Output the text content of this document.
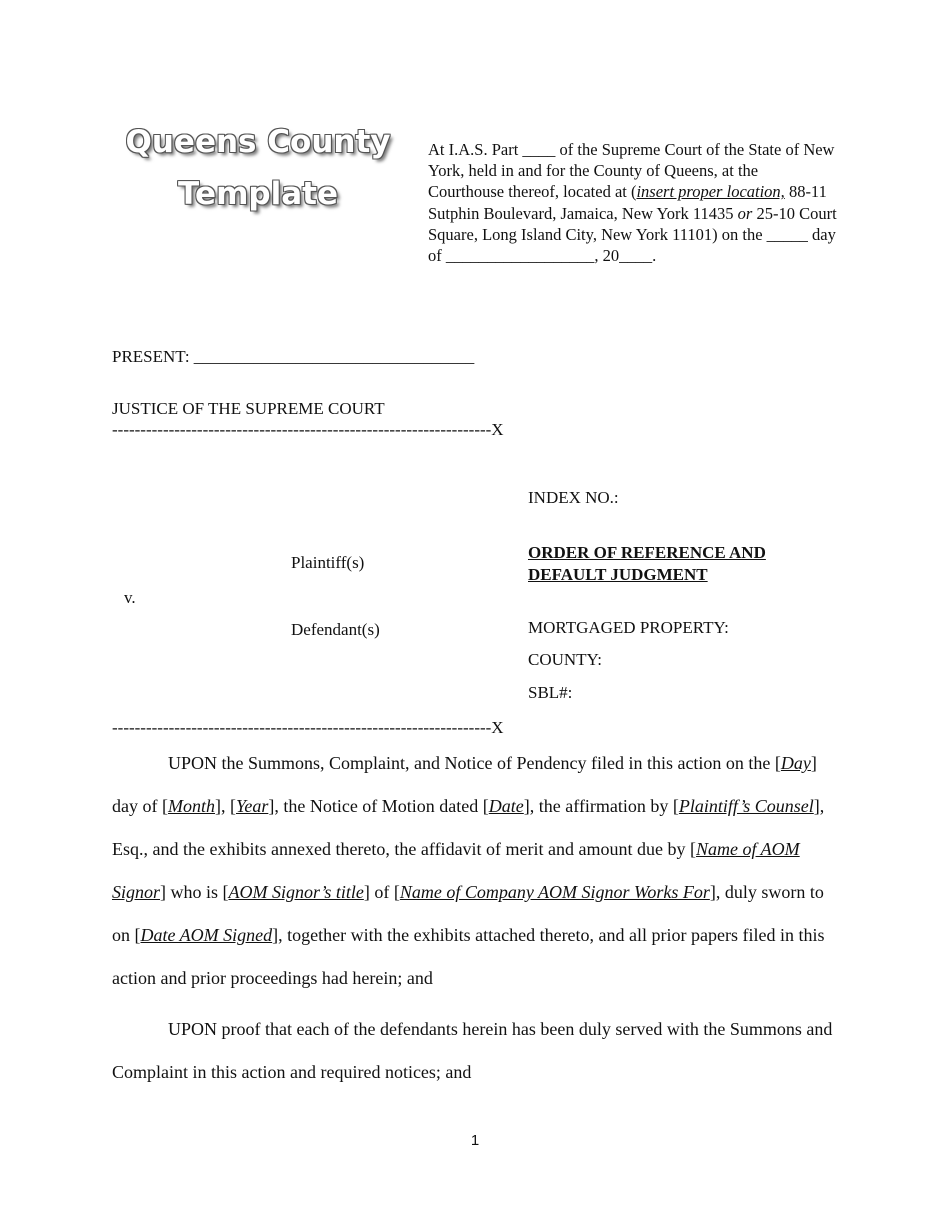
Queens County
Template
At I.A.S. Part ____ of the Supreme Court of the State of New York, held in and for the County of Queens, at the Courthouse thereof, located at (insert proper location, 88-11 Sutphin Boulevard, Jamaica, New York 11435 or 25-10 Court Square, Long Island City, New York 11101) on the _____ day of __________________, 20____.
PRESENT: _________________________________
JUSTICE OF THE SUPREME COURT
-------------------------------------------------------------------X
Plaintiff(s)
v.
Defendant(s)
INDEX NO.:
ORDER OF REFERENCE AND
DEFAULT JUDGMENT
MORTGAGED PROPERTY:
COUNTY:
SBL#:
-------------------------------------------------------------------X
UPON the Summons, Complaint, and Notice of Pendency filed in this action on the [Day] day of [Month], [Year], the Notice of Motion dated [Date], the affirmation by [Plaintiff’s Counsel], Esq., and the exhibits annexed thereto, the affidavit of merit and amount due by [Name of AOM Signor] who is [AOM Signor’s title] of [Name of Company AOM Signor Works For], duly sworn to on [Date AOM Signed], together with the exhibits attached thereto, and all prior papers filed in this action and prior proceedings had herein; and
UPON proof that each of the defendants herein has been duly served with the Summons and Complaint in this action and required notices; and
1
